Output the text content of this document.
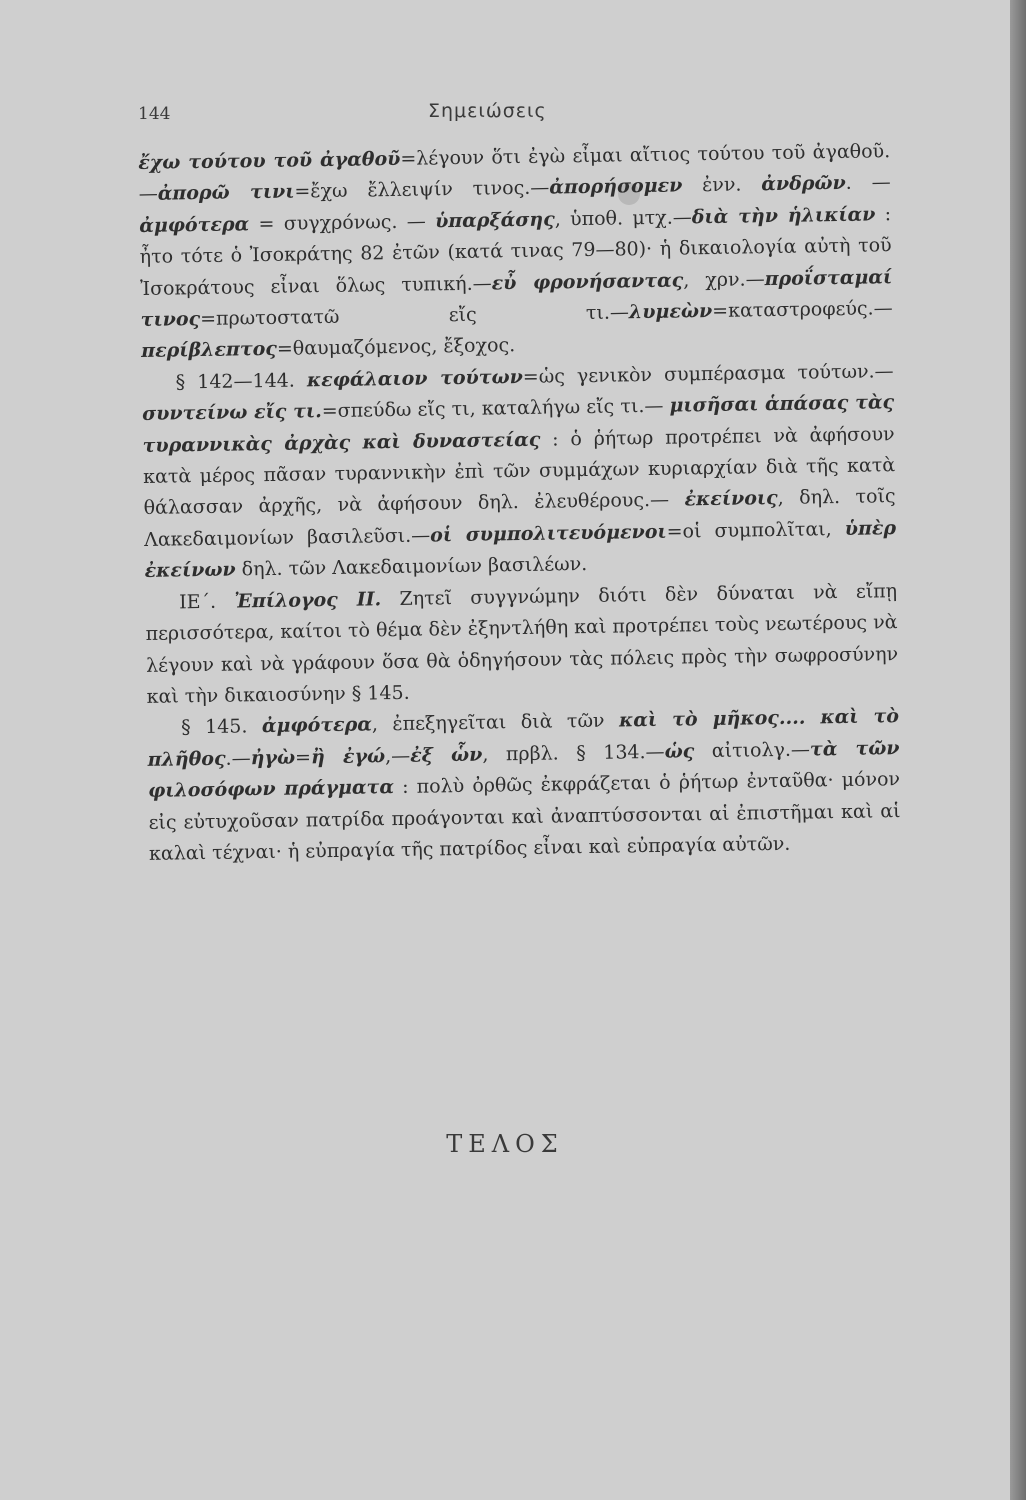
144	Σημειώσεις

ἔχω τούτου τοῦ ἀγαθοῦ=λέγουν ὅτι ἐγὼ εἶμαι αἴτιος τούτου τοῦ ἀγαθοῦ.—ἀπορῶ τινι=ἔχω ἔλλειψίν τινος.—ἀπορήσομεν ἐνν. ἀνδρῶν. — ἀμφότερα = συγχρόνως. — ὑπαρξάσης, ὑποθ. μτχ.—διὰ τὴν ἡλικίαν : ἦτο τότε ὁ Ἰσοκράτης 82 ἐτῶν (κατά τινας 79—80)· ἡ δικαιολογία αὐτὴ τοῦ Ἰσοκράτους εἶναι ὅλως τυπική.—εὖ φρονήσαντας, χρν.—προΐσταμαί τινος=πρωτοστατῶ εἴς τι.—λυμεὼν=καταστροφεύς.—περίβλεπτος=θαυμαζόμενος, ἔξοχος.

§ 142—144. κεφάλαιον τούτων=ὡς γενικὸν συμπέρασμα τούτων.—συντείνω εἴς τι.=σπεύδω εἴς τι, καταλήγω εἴς τι.— μισῆσαι ἁπάσας τὰς τυραννικὰς ἀρχὰς καὶ δυναστείας : ὁ ῥήτωρ προτρέπει νὰ ἀφήσουν κατὰ μέρος πᾶσαν τυραννικὴν ἐπὶ τῶν συμμάχων κυριαρχίαν διὰ τῆς κατὰ θάλασσαν ἀρχῆς, νὰ ἀφήσουν δηλ. ἐλευθέρους.— ἐκείνοις, δηλ. τοῖς Λακεδαιμονίων βασιλεῦσι.—οἱ συμπολιτευόμενοι=οἱ συμπολῖται, ὑπὲρ ἐκείνων δηλ. τῶν Λακεδαιμονίων βασιλέων.

ΙΕ΄. Ἐπίλογος ΙΙ. Ζητεῖ συγγνώμην διότι δὲν δύναται νὰ εἴπῃ περισσότερα, καίτοι τὸ θέμα δὲν ἐξηντλήθη καὶ προτρέπει τοὺς νεωτέρους νὰ λέγουν καὶ νὰ γράφουν ὅσα θὰ ὁδηγήσουν τὰς πόλεις πρὸς τὴν σωφροσύνην καὶ τὴν δικαιοσύνην § 145.

§ 145. ἀμφότερα, ἐπεξηγεῖται διὰ τῶν καὶ τὸ μῆκος.... καὶ τὸ πλῆθος.—ἠγὼ=ἢ ἐγώ,—ἐξ ὧν, πρβλ. § 134.—ὡς αἰτιολγ.—τὰ τῶν φιλοσόφων πράγματα : πολὺ ὀρθῶς ἐκφράζεται ὁ ῥήτωρ ἐνταῦθα· μόνον εἰς εὐτυχοῦσαν πατρίδα προάγονται καὶ ἀναπτύσσονται αἱ ἐπιστῆμαι καὶ αἱ καλαὶ τέχναι· ἡ εὐπραγία τῆς πατρίδος εἶναι καὶ εὐπραγία αὐτῶν.

ΤΕΛΟΣ
